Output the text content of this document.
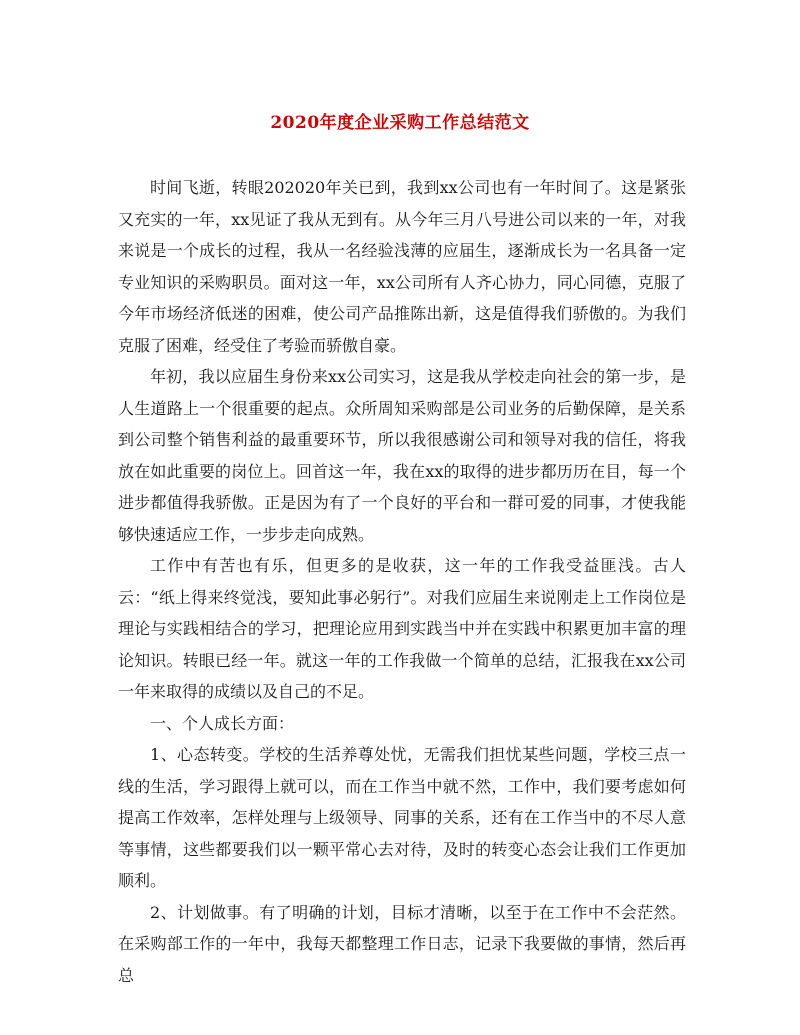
2020年度企业采购工作总结范文

时间飞逝，转眼202020年关已到，我到xx公司也有一年时间了。这是紧张又充实的一年，xx见证了我从无到有。从今年三月八号进公司以来的一年，对我来说是一个成长的过程，我从一名经验浅薄的应届生，逐渐成长为一名具备一定专业知识的采购职员。面对这一年，xx公司所有人齐心协力，同心同德，克服了今年市场经济低迷的困难，使公司产品推陈出新，这是值得我们骄傲的。为我们克服了困难，经受住了考验而骄傲自豪。

年初，我以应届生身份来xx公司实习，这是我从学校走向社会的第一步，是人生道路上一个很重要的起点。众所周知采购部是公司业务的后勤保障，是关系到公司整个销售利益的最重要环节，所以我很感谢公司和领导对我的信任，将我放在如此重要的岗位上。回首这一年，我在xx的取得的进步都历历在目，每一个进步都值得我骄傲。正是因为有了一个良好的平台和一群可爱的同事，才使我能够快速适应工作，一步步走向成熟。

工作中有苦也有乐，但更多的是收获，这一年的工作我受益匪浅。古人云：“纸上得来终觉浅，要知此事必躬行”。对我们应届生来说刚走上工作岗位是理论与实践相结合的学习，把理论应用到实践当中并在实践中积累更加丰富的理论知识。转眼已经一年。就这一年的工作我做一个简单的总结，汇报我在xx公司一年来取得的成绩以及自己的不足。

一、个人成长方面：

1、心态转变。学校的生活养尊处忧，无需我们担忧某些问题，学校三点一线的生活，学习跟得上就可以，而在工作当中就不然，工作中，我们要考虑如何提高工作效率，怎样处理与上级领导、同事的关系，还有在工作当中的不尽人意等事情，这些都要我们以一颗平常心去对待，及时的转变心态会让我们工作更加顺利。

2、计划做事。有了明确的计划，目标才清晰，以至于在工作中不会茫然。在采购部工作的一年中，我每天都整理工作日志，记录下我要做的事情，然后再总
